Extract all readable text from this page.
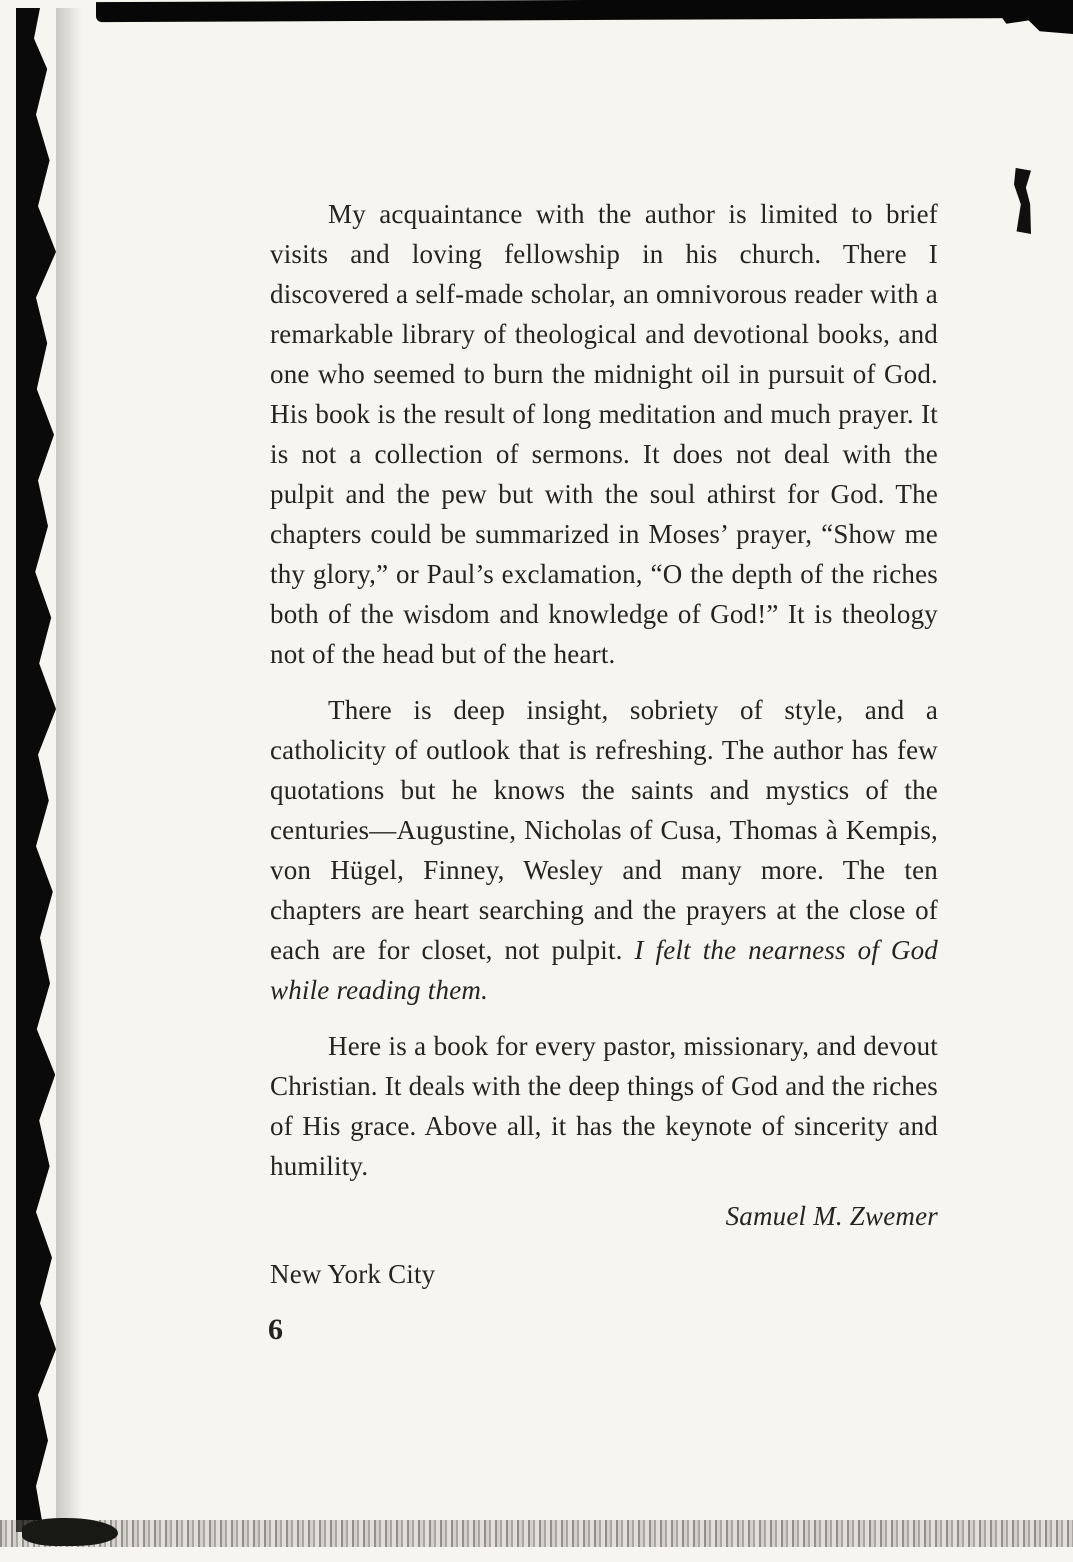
My acquaintance with the author is limited to brief visits and loving fellowship in his church. There I discovered a self-made scholar, an omnivorous reader with a remarkable library of theological and devotional books, and one who seemed to burn the midnight oil in pursuit of God. His book is the result of long meditation and much prayer. It is not a collection of sermons. It does not deal with the pulpit and the pew but with the soul athirst for God. The chapters could be summarized in Moses’ prayer, “Show me thy glory,” or Paul’s exclamation, “O the depth of the riches both of the wisdom and knowledge of God!” It is theology not of the head but of the heart.

There is deep insight, sobriety of style, and a catholicity of outlook that is refreshing. The author has few quotations but he knows the saints and mystics of the centuries—Augustine, Nicholas of Cusa, Thomas à Kempis, von Hügel, Finney, Wesley and many more. The ten chapters are heart searching and the prayers at the close of each are for closet, not pulpit. I felt the nearness of God while reading them.

Here is a book for every pastor, missionary, and devout Christian. It deals with the deep things of God and the riches of His grace. Above all, it has the keynote of sincerity and humility.

Samuel M. Zwemer

New York City

6
